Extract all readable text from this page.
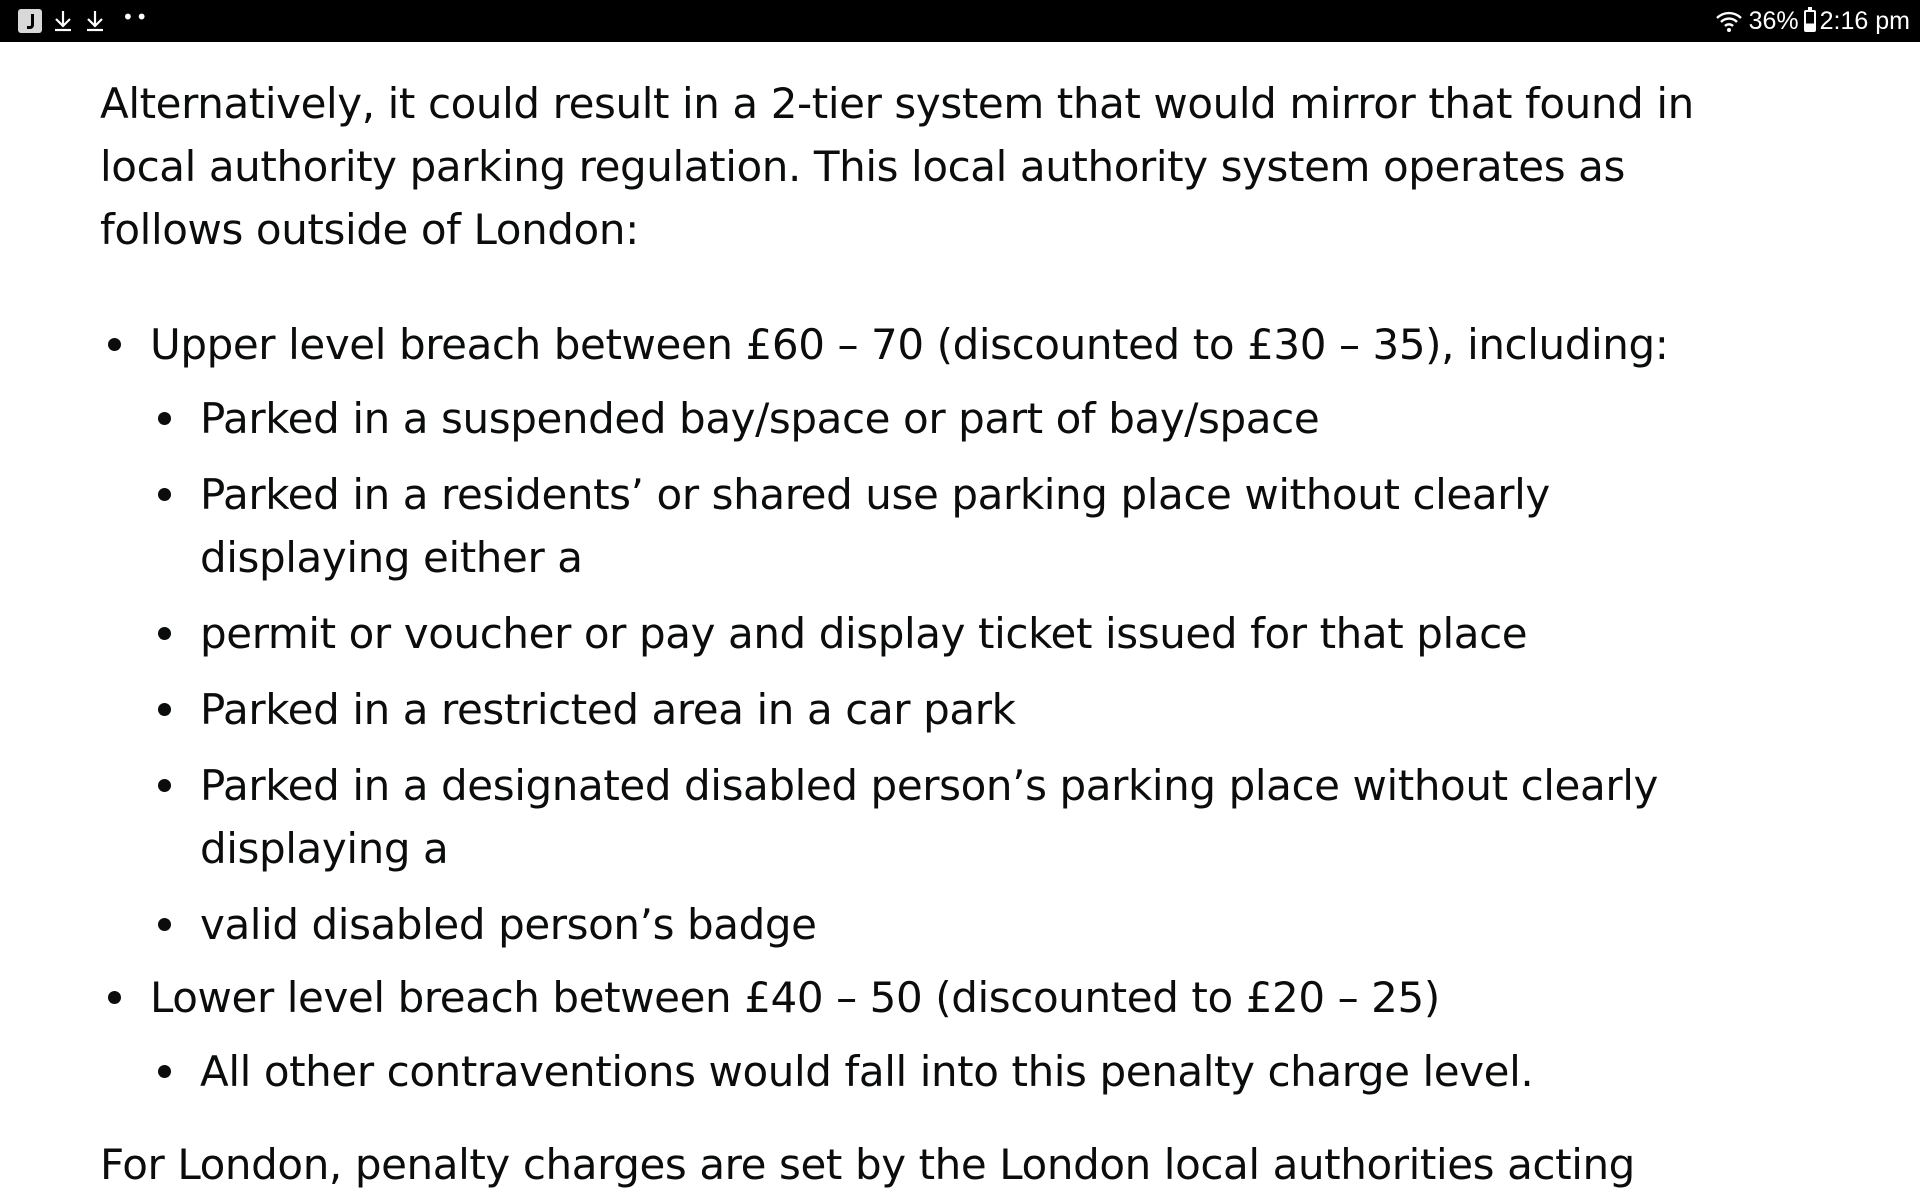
••	36% 2:16 pm

Alternatively, it could result in a 2-tier system that would mirror that found in local authority parking regulation. This local authority system operates as follows outside of London:

Upper level breach between £60 – 70 (discounted to £30 – 35), including:
Parked in a suspended bay/space or part of bay/space
Parked in a residents’ or shared use parking place without clearly displaying either a
permit or voucher or pay and display ticket issued for that place
Parked in a restricted area in a car park
Parked in a designated disabled person’s parking place without clearly displaying a
valid disabled person’s badge
Lower level breach between £40 – 50 (discounted to £20 – 25)
All other contraventions would fall into this penalty charge level.

For London, penalty charges are set by the London local authorities acting
